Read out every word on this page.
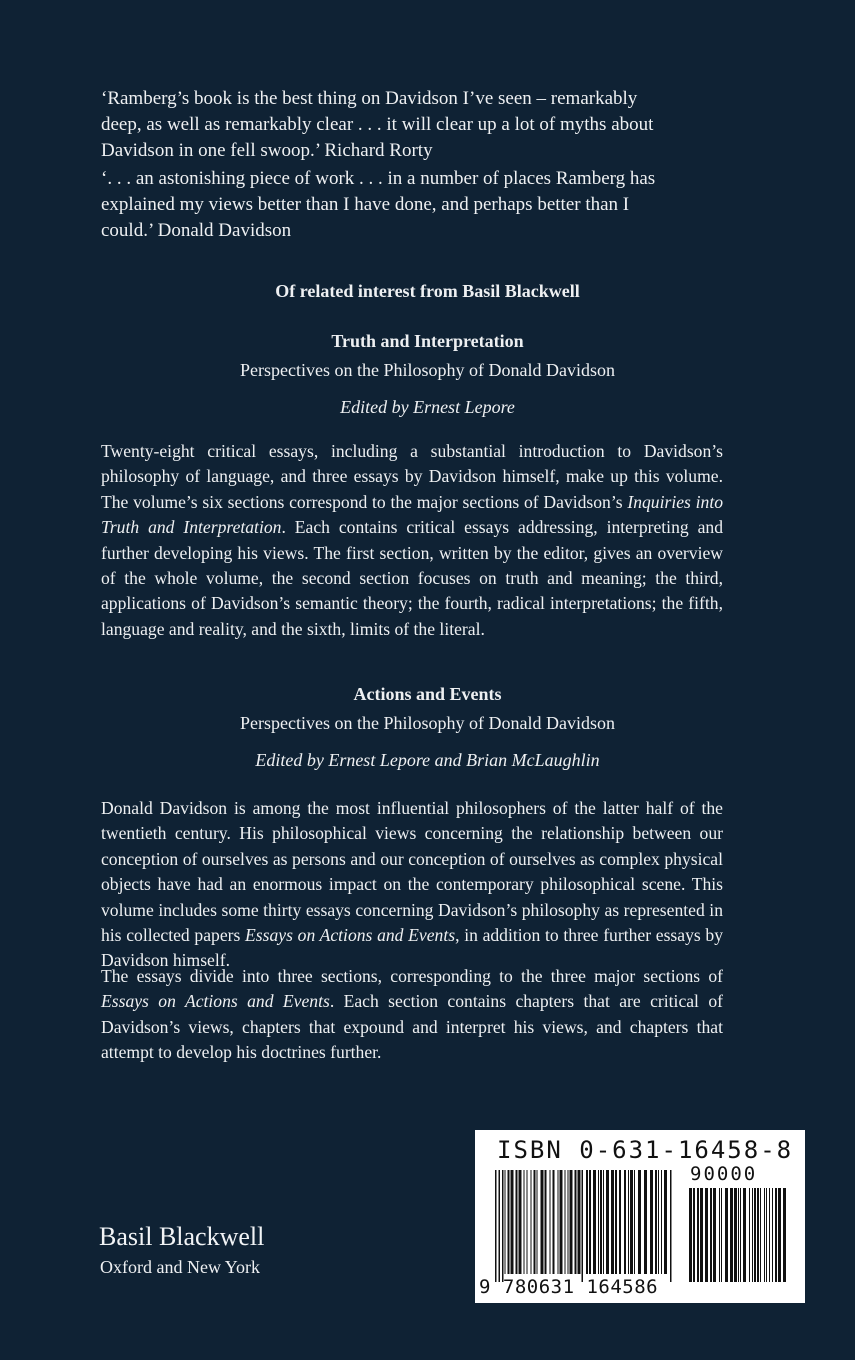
‘Ramberg’s book is the best thing on Davidson I’ve seen – remarkably deep, as well as remarkably clear . . . it will clear up a lot of myths about Davidson in one fell swoop.’ Richard Rorty
‘. . . an astonishing piece of work . . . in a number of places Ramberg has explained my views better than I have done, and perhaps better than I could.’ Donald Davidson
Of related interest from Basil Blackwell
Truth and Interpretation
Perspectives on the Philosophy of Donald Davidson
Edited by Ernest Lepore
Twenty-eight critical essays, including a substantial introduction to Davidson’s philosophy of language, and three essays by Davidson himself, make up this volume. The volume’s six sections correspond to the major sections of Davidson’s Inquiries into Truth and Interpretation. Each contains critical essays addressing, interpreting and further developing his views. The first section, written by the editor, gives an overview of the whole volume, the second section focuses on truth and meaning; the third, applications of Davidson’s semantic theory; the fourth, radical interpretations; the fifth, language and reality, and the sixth, limits of the literal.
Actions and Events
Perspectives on the Philosophy of Donald Davidson
Edited by Ernest Lepore and Brian McLaughlin
Donald Davidson is among the most influential philosophers of the latter half of the twentieth century. His philosophical views concerning the relationship between our conception of ourselves as persons and our conception of ourselves as complex physical objects have had an enormous impact on the contemporary philosophical scene. This volume includes some thirty essays concerning Davidson’s philosophy as represented in his collected papers Essays on Actions and Events, in addition to three further essays by Davidson himself.
The essays divide into three sections, corresponding to the three major sections of Essays on Actions and Events. Each section contains chapters that are critical of Davidson’s views, chapters that expound and interpret his views, and chapters that attempt to develop his doctrines further.
Basil Blackwell
Oxford and New York
ISBN 0-631-16458-8
90000
9 780631 164586
